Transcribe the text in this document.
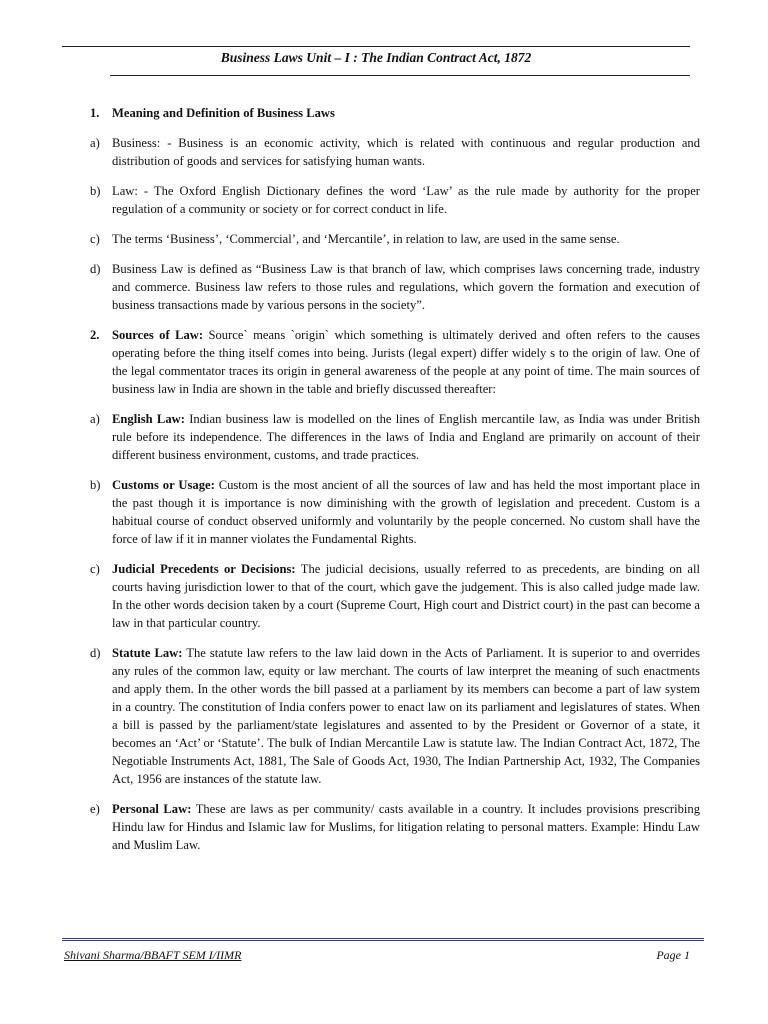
Business Laws Unit – I : The Indian Contract Act, 1872
1. Meaning and Definition of Business Laws
a) Business: - Business is an economic activity, which is related with continuous and regular production and distribution of goods and services for satisfying human wants.
b) Law: - The Oxford English Dictionary defines the word ‘Law’ as the rule made by authority for the proper regulation of a community or society or for correct conduct in life.
c) The terms ‘Business’, ‘Commercial’, and ‘Mercantile’, in relation to law, are used in the same sense.
d) Business Law is defined as “Business Law is that branch of law, which comprises laws concerning trade, industry and commerce. Business law refers to those rules and regulations, which govern the formation and execution of business transactions made by various persons in the society”.
2. Sources of Law: Source` means `origin` which something is ultimately derived and often refers to the causes operating before the thing itself comes into being. Jurists (legal expert) differ widely s to the origin of law. One of the legal commentator traces its origin in general awareness of the people at any point of time. The main sources of business law in India are shown in the table and briefly discussed thereafter:
a) English Law: Indian business law is modelled on the lines of English mercantile law, as India was under British rule before its independence. The differences in the laws of India and England are primarily on account of their different business environment, customs, and trade practices.
b) Customs or Usage: Custom is the most ancient of all the sources of law and has held the most important place in the past though it is importance is now diminishing with the growth of legislation and precedent. Custom is a habitual course of conduct observed uniformly and voluntarily by the people concerned. No custom shall have the force of law if it in manner violates the Fundamental Rights.
c) Judicial Precedents or Decisions: The judicial decisions, usually referred to as precedents, are binding on all courts having jurisdiction lower to that of the court, which gave the judgement. This is also called judge made law. In the other words decision taken by a court (Supreme Court, High court and District court) in the past can become a law in that particular country.
d) Statute Law: The statute law refers to the law laid down in the Acts of Parliament. It is superior to and overrides any rules of the common law, equity or law merchant. The courts of law interpret the meaning of such enactments and apply them. In the other words the bill passed at a parliament by its members can become a part of law system in a country. The constitution of India confers power to enact law on its parliament and legislatures of states. When a bill is passed by the parliament/state legislatures and assented to by the President or Governor of a state, it becomes an ‘Act’ or ‘Statute’. The bulk of Indian Mercantile Law is statute law. The Indian Contract Act, 1872, The Negotiable Instruments Act, 1881, The Sale of Goods Act, 1930, The Indian Partnership Act, 1932, The Companies Act, 1956 are instances of the statute law.
e) Personal Law: These are laws as per community/ casts available in a country. It includes provisions prescribing Hindu law for Hindus and Islamic law for Muslims, for litigation relating to personal matters. Example: Hindu Law and Muslim Law.
Shivani Sharma/BBAFT SEM I/IIMR	Page 1
